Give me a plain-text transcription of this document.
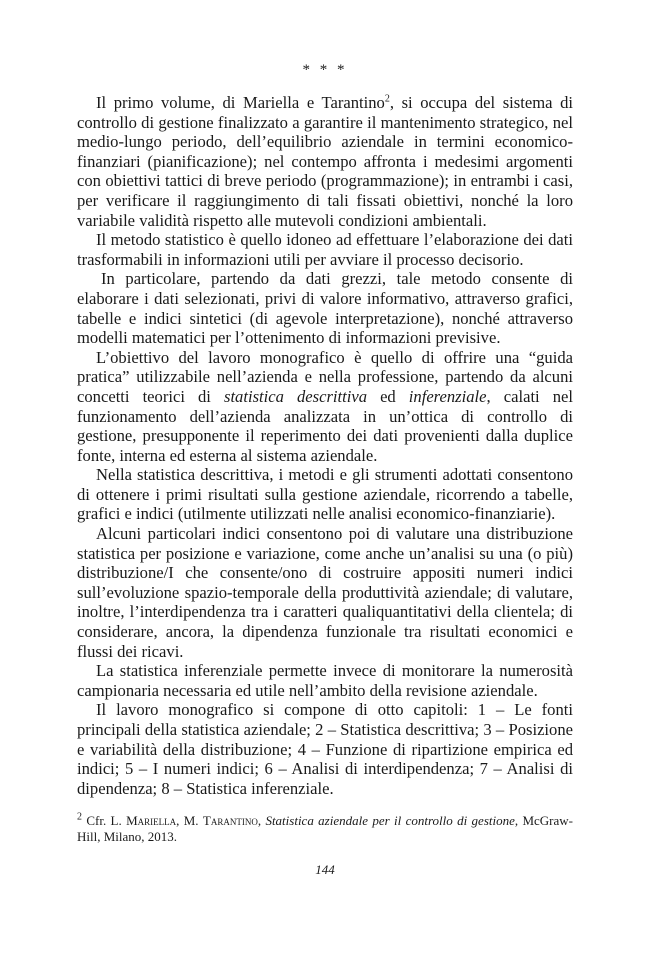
* * *

Il primo volume, di Mariella e Tarantino$^2$, si occupa del sistema di controllo di gestione finalizzato a garantire il mantenimento strategico, nel medio-lungo periodo, dell’equilibrio aziendale in termini economico-finanziari (pianificazione); nel contempo affronta i medesimi argomenti con obiettivi tattici di breve periodo (programmazione); in entrambi i casi, per verificare il raggiungimento di tali fissati obiettivi, nonché la loro variabile validità rispetto alle mutevoli condizioni ambientali.

Il metodo statistico è quello idoneo ad effettuare l’elaborazione dei dati trasformabili in informazioni utili per avviare il processo decisorio.

In particolare, partendo da dati grezzi, tale metodo consente di elaborare i dati selezionati, privi di valore informativo, attraverso grafici, tabelle e indici sintetici (di agevole interpretazione), nonché attraverso modelli matematici per l’ottenimento di informazioni previsive.

L’obiettivo del lavoro monografico è quello di offrire una “guida pratica” utilizzabile nell’azienda e nella professione, partendo da alcuni concetti teorici di statistica descrittiva ed inferenziale, calati nel funzionamento dell’azienda analizzata in un’ottica di controllo di gestione, presupponente il reperimento dei dati provenienti dalla duplice fonte, interna ed esterna al sistema aziendale.

Nella statistica descrittiva, i metodi e gli strumenti adottati consentono di ottenere i primi risultati sulla gestione aziendale, ricorrendo a tabelle, grafici e indici (utilmente utilizzati nelle analisi economico-finanziarie).

Alcuni particolari indici consentono poi di valutare una distribuzione statistica per posizione e variazione, come anche un’analisi su una (o più) distribuzione/I che consente/ono di costruire appositi numeri indici sull’evoluzione spazio-temporale della produttività aziendale; di valutare, inoltre, l’interdipendenza tra i caratteri qualiquantitativi della clientela; di considerare, ancora, la dipendenza funzionale tra risultati economici e flussi dei ricavi.

La statistica inferenziale permette invece di monitorare la numerosità campionaria necessaria ed utile nell’ambito della revisione aziendale.

Il lavoro monografico si compone di otto capitoli: 1 – Le fonti principali della statistica aziendale; 2 – Statistica descrittiva; 3 – Posizione e variabilità della distribuzione; 4 – Funzione di ripartizione empirica ed indici; 5 – I numeri indici; 6 – Analisi di interdipendenza; 7 – Analisi di dipendenza; 8 – Statistica inferenziale.

$^2$ Cfr. L. Mariella, M. Tarantino, Statistica aziendale per il controllo di gestione, McGraw-Hill, Milano, 2013.
144
